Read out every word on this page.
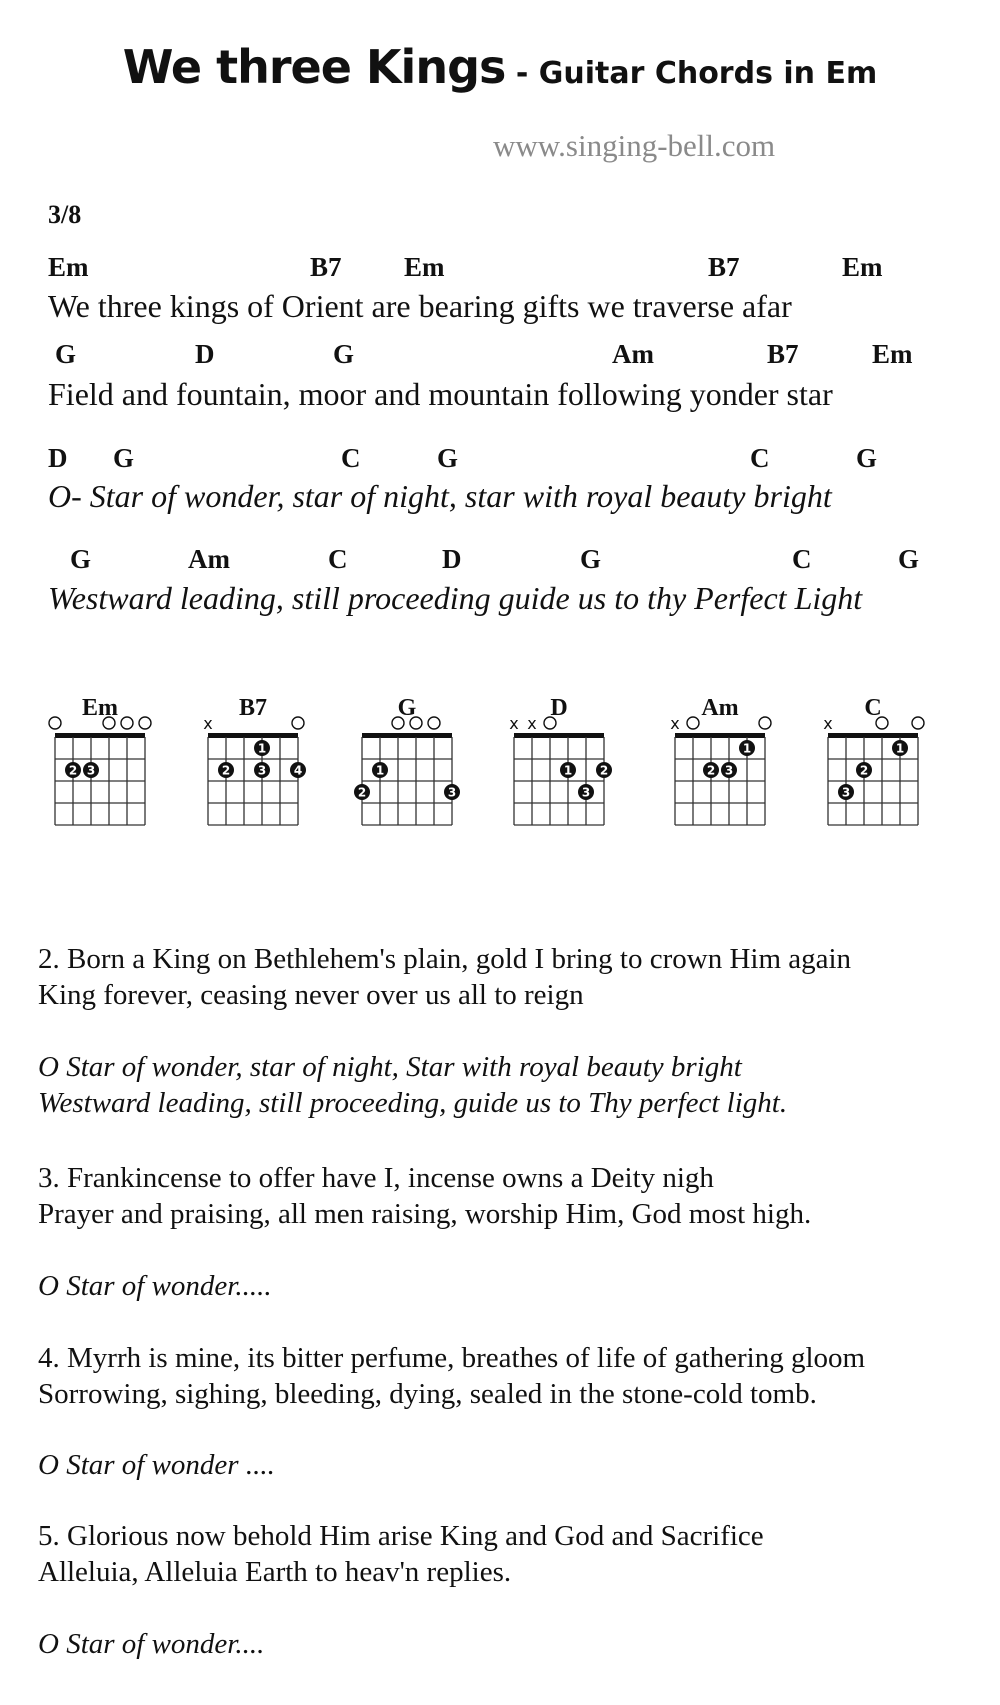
We three Kings - Guitar Chords in Em
www.singing-bell.com
3/8
Em	B7 Em	B7	Em
We three kings of Orient are bearing gifts we traverse afar
G	D	G	Am	B7	Em
Field and fountain, moor and mountain following yonder star
D G	C	G	C	G
O- Star of wonder, star of night, star with royal beauty bright
G	Am	C	D	G	C	G
Westward leading, still proceeding guide us to thy Perfect Light
Em
2 3
B7
x
1
2 3 4
G
1
2	3
D
x x
1 2
3
Am
x
1
2 3
C
x
1
2
3
2. Born a King on Bethlehem's plain, gold I bring to crown Him again
King forever, ceasing never over us all to reign
O Star of wonder, star of night, Star with royal beauty bright
Westward leading, still proceeding, guide us to Thy perfect light.
3. Frankincense to offer have I, incense owns a Deity nigh
Prayer and praising, all men raising, worship Him, God most high.
O Star of wonder.....
4. Myrrh is mine, its bitter perfume, breathes of life of gathering gloom
Sorrowing, sighing, bleeding, dying, sealed in the stone-cold tomb.
O Star of wonder ....
5. Glorious now behold Him arise King and God and Sacrifice
Alleluia, Alleluia Earth to heav'n replies.
O Star of wonder....
